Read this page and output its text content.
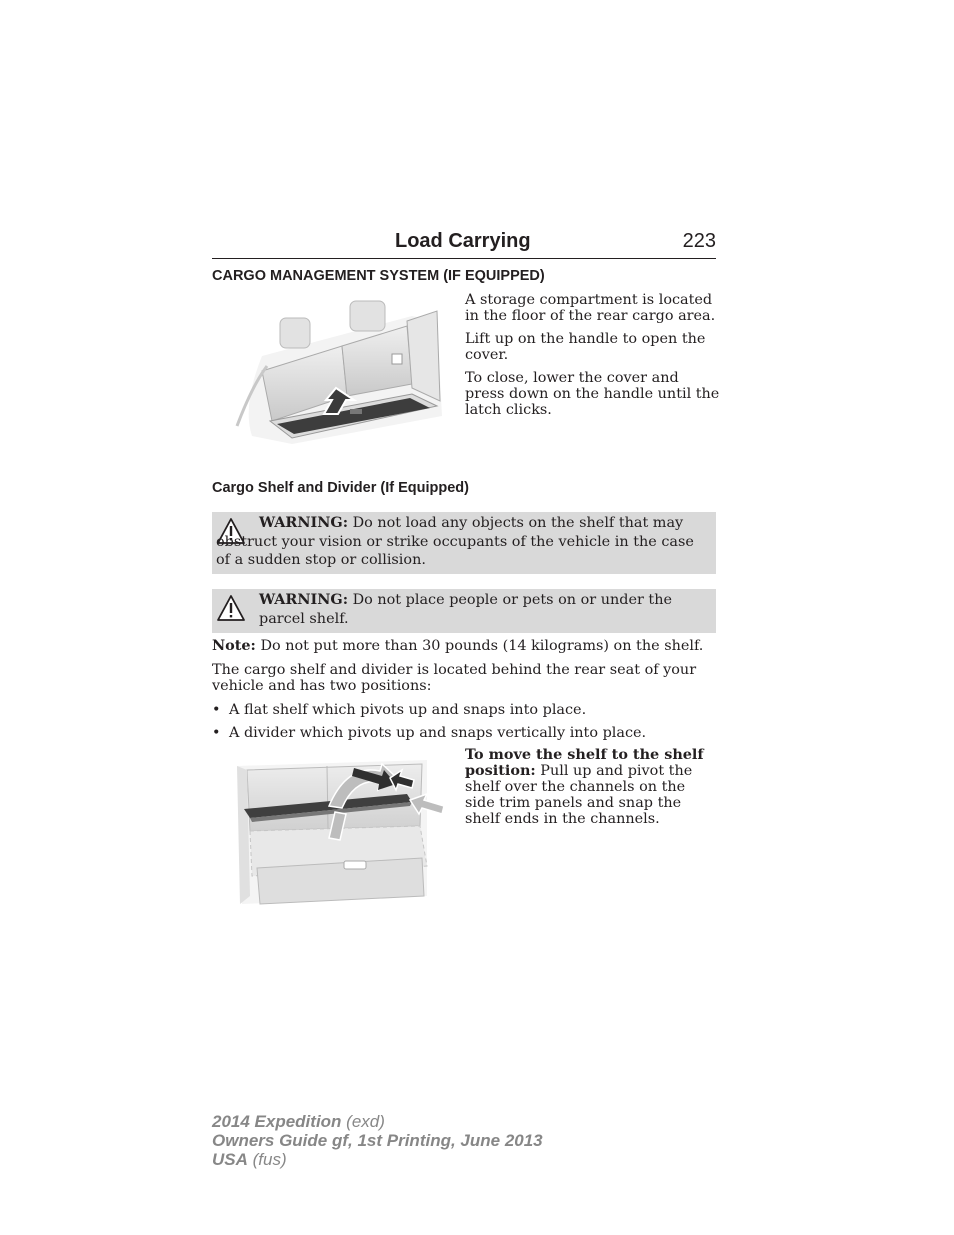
Load Carrying	223
CARGO MANAGEMENT SYSTEM (IF EQUIPPED)
A storage compartment is located in the floor of the rear cargo area.
Lift up on the handle to open the cover.
To close, lower the cover and press down on the handle until the latch clicks.
Cargo Shelf and Divider (If Equipped)
WARNING: Do not load any objects on the shelf that may obstruct your vision or strike occupants of the vehicle in the case of a sudden stop or collision.
WARNING: Do not place people or pets on or under the parcel shelf.
Note: Do not put more than 30 pounds (14 kilograms) on the shelf.
The cargo shelf and divider is located behind the rear seat of your vehicle and has two positions:
• A flat shelf which pivots up and snaps into place.
• A divider which pivots up and snaps vertically into place.
To move the shelf to the shelf position: Pull up and pivot the shelf over the channels on the side trim panels and snap the shelf ends in the channels.
2014 Expedition (exd)
Owners Guide gf, 1st Printing, June 2013
USA (fus)
